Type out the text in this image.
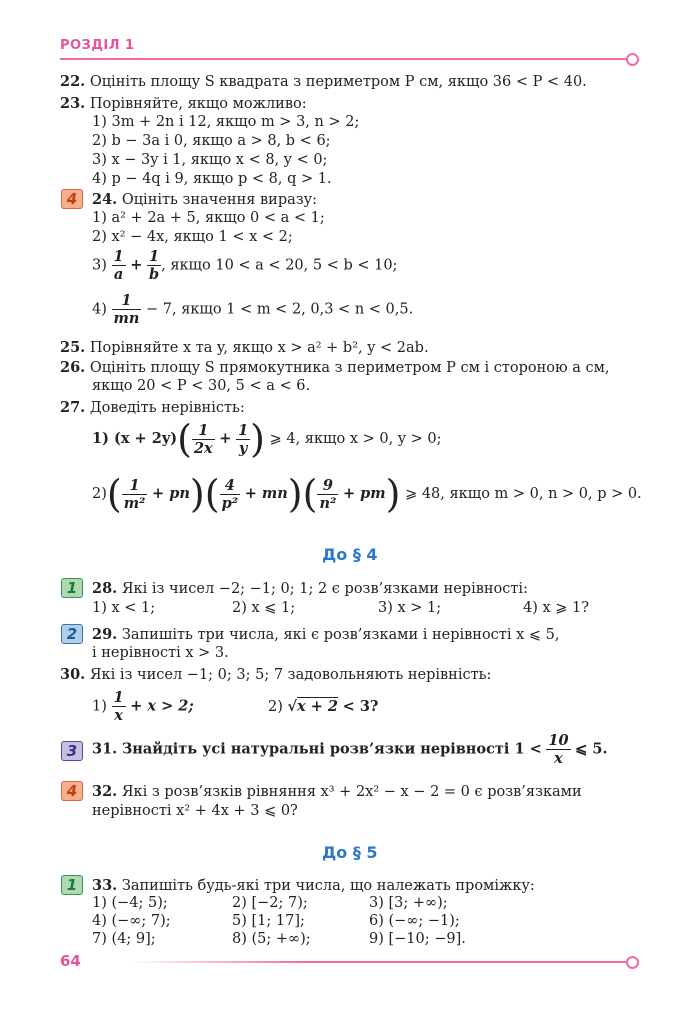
РОЗДІЛ 1
22. Оцініть площу S квадрата з периметром P см, якщо 36 < P < 40.
23. Порівняйте, якщо можливо:
1) 3m + 2n і 12, якщо m > 3, n > 2;
2) b − 3a і 0, якщо a > 8, b < 6;
3) x − 3y і 1, якщо x < 8, y < 0;
4) p − 4q і 9, якщо p < 8, q > 1.
4	24. Оцініть значення виразу:
1) a² + 2a + 5, якщо 0 < a < 1;
2) x² − 4x, якщо 1 < x < 2;
$3) \frac{1}{a} + \frac{1}{b}$ , якщо 10 < a < 20, 5 < b < 10;
$4) \frac{1}{mn} - 7$, якщо 1 < m < 2, 0,3 < n < 0,5.
25. Порівняйте x та y, якщо x > a² + b², y < 2ab.
26. Оцініть площу S прямокутника з периметром P см і стороною a см,
якщо 20 < P < 30, 5 < a < 6.
27. Доведіть нерівність:
1) $(x + 2y)( \frac{1}{2x} + \frac{1}{y}$ ) ⩾ 4, якщо x > 0, y > 0;
$2)( \frac{1}{\text{m²}} + pn)( \frac{4}{\text{p²}} + mn)( \frac{9}{\text{n²}} + pm)$ ⩾ 48, якщо m > 0, n > 0, p > 0.
До § 4
1	28. Які із чисел −2; −1; 0; 1; 2 є розв’язками нерівності:
1) x < 1;	2) x ⩽ 1;	3) x > 1;	4) x ⩾ 1?
2	29. Запишіть три числа, які є розв’язками і нерівності x ⩽ 5,
і нерівності x > 3.
30. Які із чисел −1; 0; 3; 5; 7 задовольняють нерівність:
$1) \frac{1}{x} + x > 2$;	2) √x + 2 < 3?
3	31. Знайдіть усі натуральні розв’язки нерівності $1 < \frac{10}{x}$ ⩽ 5.
4	32. Які з розв’язків рівняння x³ + 2x² − x − 2 = 0 є розв’язками
нерівності x² + 4x + 3 ⩽ 0?
До § 5
1	33. Запишіть будь-які три числа, що належать проміжку:
1) (−4; 5);	2) [−2; 7);	3) [3; +∞);
4) (−∞; 7);	5) [1; 17];	6) (−∞; −1);
7) (4; 9];	8) (5; +∞);	9) [−10; −9].
64
